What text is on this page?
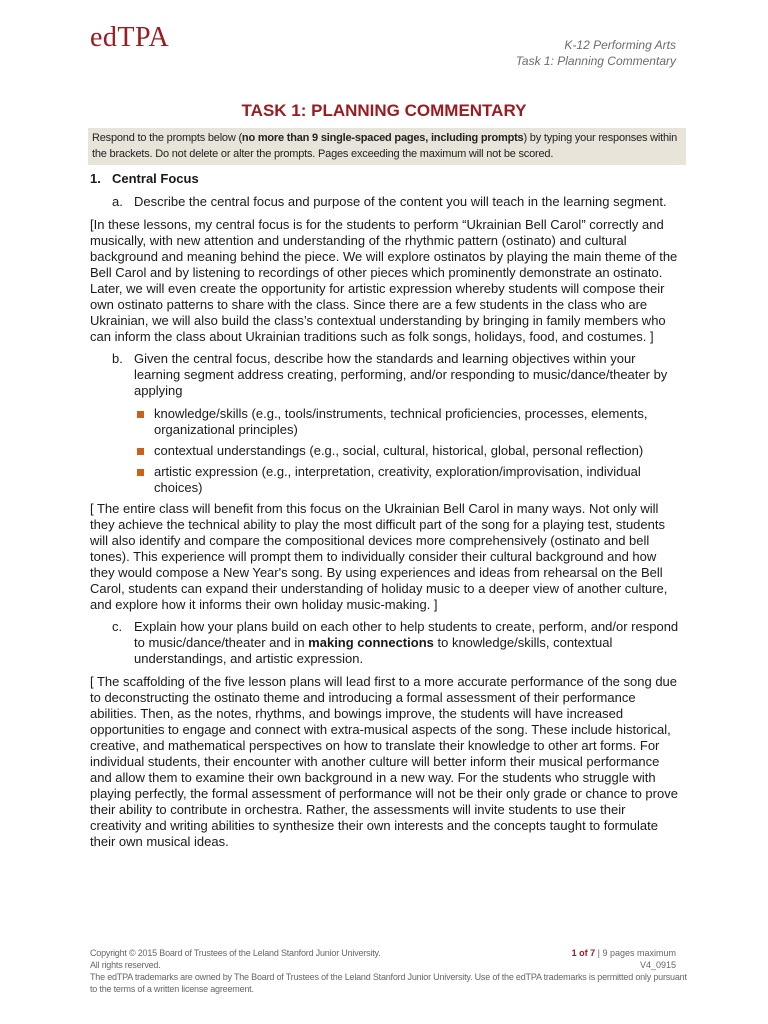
edTPA	K-12 Performing Arts
Task 1: Planning Commentary
TASK 1: PLANNING COMMENTARY
Respond to the prompts below (no more than 9 single-spaced pages, including prompts) by typing your responses within the brackets. Do not delete or alter the prompts. Pages exceeding the maximum will not be scored.
1. Central Focus
a. Describe the central focus and purpose of the content you will teach in the learning segment.
[In these lessons, my central focus is for the students to perform “Ukrainian Bell Carol” correctly and musically, with new attention and understanding of the rhythmic pattern (ostinato) and cultural background and meaning behind the piece. We will explore ostinatos by playing the main theme of the Bell Carol and by listening to recordings of other pieces which prominently demonstrate an ostinato. Later, we will even create the opportunity for artistic expression whereby students will compose their own ostinato patterns to share with the class. Since there are a few students in the class who are Ukrainian, we will also build the class’s contextual understanding by bringing in family members who can inform the class about Ukrainian traditions such as folk songs, holidays, food, and costumes. ]
b. Given the central focus, describe how the standards and learning objectives within your learning segment address creating, performing, and/or responding to music/dance/theater by applying
knowledge/skills (e.g., tools/instruments, technical proficiencies, processes, elements, organizational principles)
contextual understandings (e.g., social, cultural, historical, global, personal reflection)
artistic expression (e.g., interpretation, creativity, exploration/improvisation, individual choices)
[ The entire class will benefit from this focus on the Ukrainian Bell Carol in many ways. Not only will they achieve the technical ability to play the most difficult part of the song for a playing test, students will also identify and compare the compositional devices more comprehensively (ostinato and bell tones). This experience will prompt them to individually consider their cultural background and how they would compose a New Year's song. By using experiences and ideas from rehearsal on the Bell Carol, students can expand their understanding of holiday music to a deeper view of another culture, and explore how it informs their own holiday music-making. ]
c. Explain how your plans build on each other to help students to create, perform, and/or respond to music/dance/theater and in making connections to knowledge/skills, contextual understandings, and artistic expression.
[ The scaffolding of the five lesson plans will lead first to a more accurate performance of the song due to deconstructing the ostinato theme and introducing a formal assessment of their performance abilities. Then, as the notes, rhythms, and bowings improve, the students will have increased opportunities to engage and connect with extra-musical aspects of the song. These include historical, creative, and mathematical perspectives on how to translate their knowledge to other art forms. For individual students, their encounter with another culture will better inform their musical performance and allow them to examine their own background in a new way. For the students who struggle with playing perfectly, the formal assessment of performance will not be their only grade or chance to prove their ability to contribute in orchestra. Rather, the assessments will invite students to use their creativity and writing abilities to synthesize their own interests and the concepts taught to formulate their own musical ideas.
Copyright © 2015 Board of Trustees of the Leland Stanford Junior University.
All rights reserved.
The edTPA trademarks are owned by The Board of Trustees of the Leland Stanford Junior University. Use of the edTPA trademarks is permitted only pursuant to the terms of a written license agreement.
1 of 7 | 9 pages maximum
V4_0915
